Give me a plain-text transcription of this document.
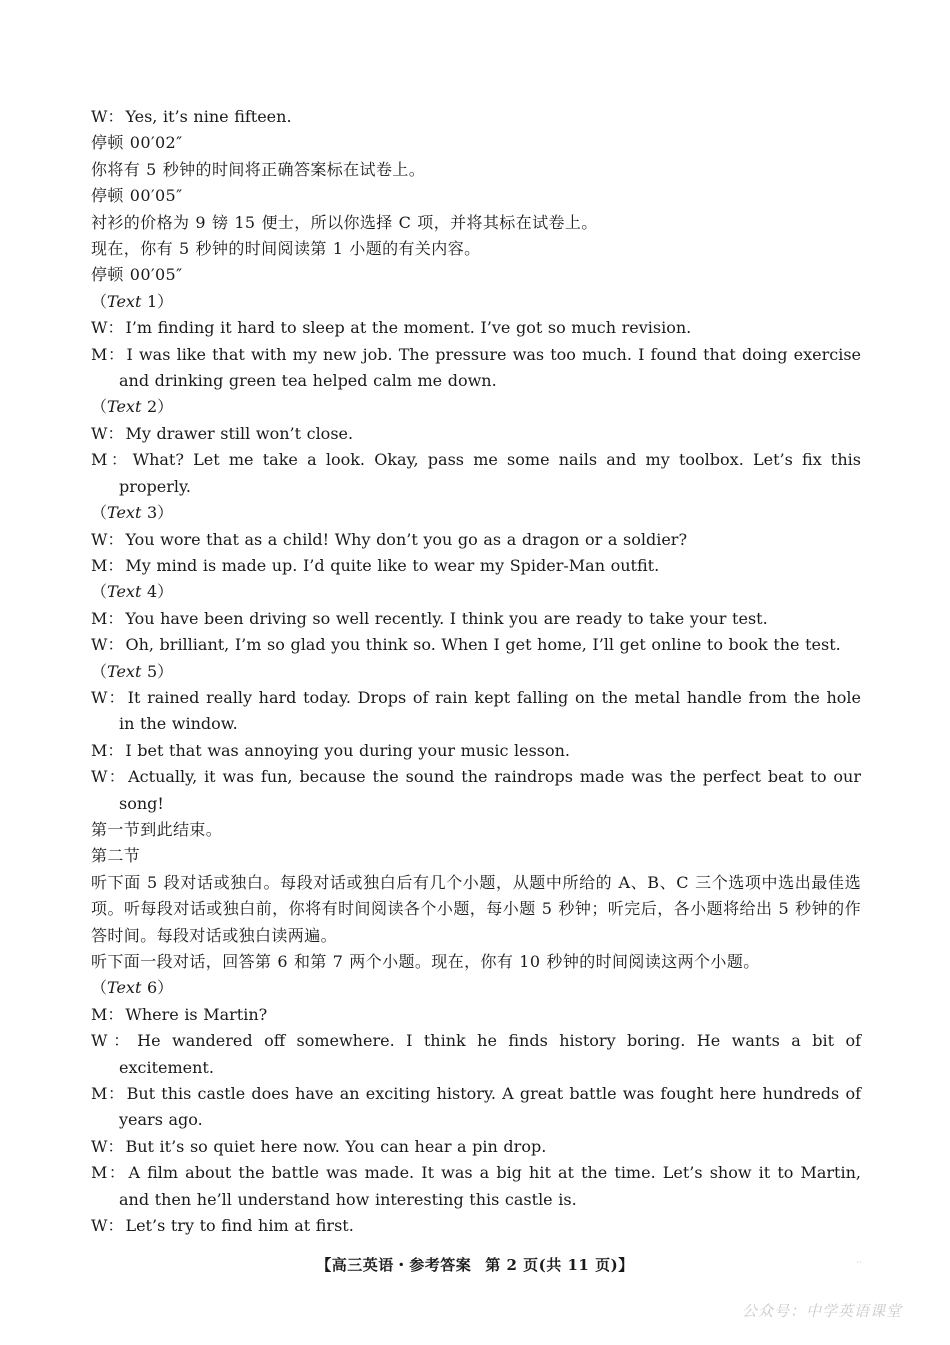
W： Yes, it’s nine fifteen.
停顿 00′02″
你将有 5 秒钟的时间将正确答案标在试卷上。
停顿 00′05″
衬衫的价格为 9 镑 15 便士，所以你选择 C 项，并将其标在试卷上。
现在，你有 5 秒钟的时间阅读第 1 小题的有关内容。
停顿 00′05″
（Text 1）
W： I’m finding it hard to sleep at the moment. I’ve got so much revision.
M： I was like that with my new job. The pressure was too much. I found that doing exercise and drinking green tea helped calm me down.
（Text 2）
W： My drawer still won’t close.
M： What? Let me take a look. Okay, pass me some nails and my toolbox. Let’s fix this properly.
（Text 3）
W： You wore that as a child! Why don’t you go as a dragon or a soldier?
M： My mind is made up. I’d quite like to wear my Spider-Man outfit.
（Text 4）
M： You have been driving so well recently. I think you are ready to take your test.
W： Oh, brilliant, I’m so glad you think so. When I get home, I’ll get online to book the test.
（Text 5）
W： It rained really hard today. Drops of rain kept falling on the metal handle from the hole in the window.
M： I bet that was annoying you during your music lesson.
W： Actually, it was fun, because the sound the raindrops made was the perfect beat to our song!
第一节到此结束。
第二节
听下面 5 段对话或独白。每段对话或独白后有几个小题，从题中所给的 A、B、C 三个选项中选出最佳选项。听每段对话或独白前，你将有时间阅读各个小题，每小题 5 秒钟；听完后，各小题将给出 5 秒钟的作答时间。每段对话或独白读两遍。
听下面一段对话，回答第 6 和第 7 两个小题。现在，你有 10 秒钟的时间阅读这两个小题。
（Text 6）
M： Where is Martin?
W： He wandered off somewhere. I think he finds history boring. He wants a bit of excitement.
M： But this castle does have an exciting history. A great battle was fought here hundreds of years ago.
W： But it’s so quiet here now. You can hear a pin drop.
M： A film about the battle was made. It was a big hit at the time. Let’s show it to Martin, and then he’ll understand how interesting this castle is.
W： Let’s try to find him at first.
【高三英语・参考答案 第 2 页(共 11 页)】	··
公众号：中学英语课堂
